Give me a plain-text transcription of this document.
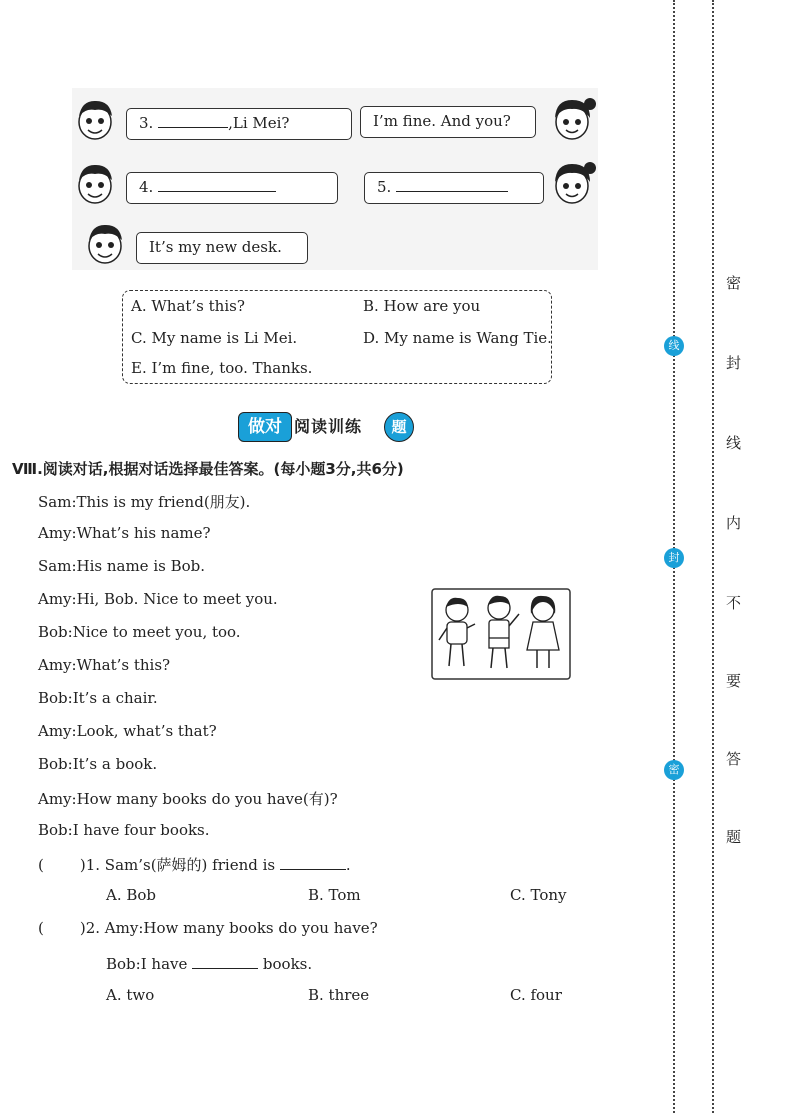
3.	,Li Mei?	I’m fine. And you?
4.	5.
It’s my new desk.
A. What’s this?	B. How are you
C. My name is Li Mei.	D. My name is Wang Tie.
E. I’m fine, too. Thanks.
做对 阅读训练	题
Ⅷ.阅读对话,根据对话选择最佳答案。(每小题3分,共6分)
Sam:This is my friend(朋友).
Amy:What’s his name?
Sam:His name is Bob.
Amy:Hi, Bob. Nice to meet you.
Bob:Nice to meet you, too.
Amy:What’s this?
Bob:It’s a chair.
Amy:Look, what’s that?
Bob:It’s a book.
Amy:How many books do you have(有)?
Bob:I have four books.
( )1. Sam’s(萨姆的) friend is	.
A. Bob	B. Tom	C. Tony
( )2. Amy:How many books do you have?
Bob:I have	books.
A. two	B. three	C. four
线
封
密
密
封
线
内
不
要
答
题
